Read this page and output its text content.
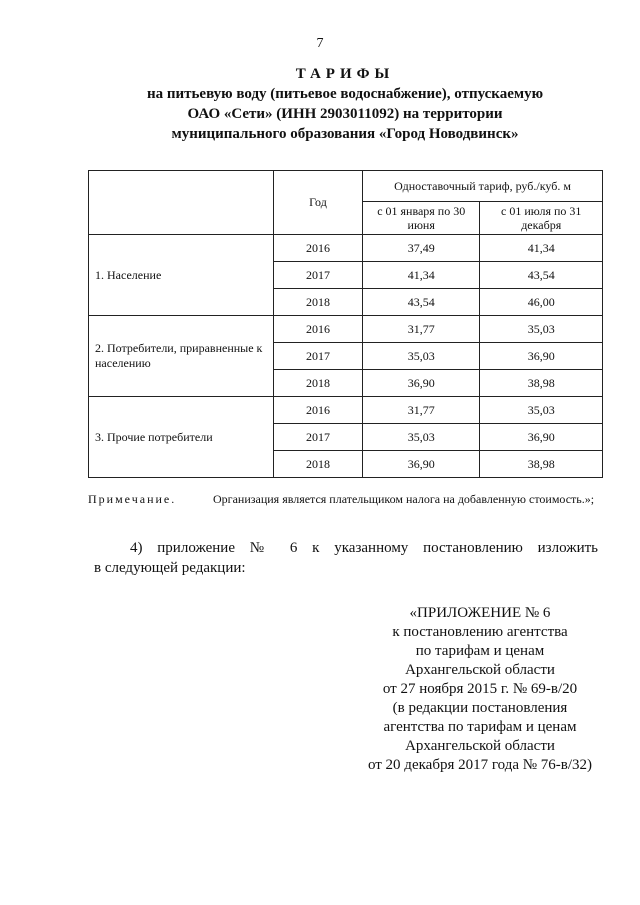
7
ТАРИФЫ
на питьевую воду (питьевое водоснабжение), отпускаемую
ОАО «Сети» (ИНН 2903011092) на территории
муниципального образования «Город Новодвинск»
	Год	Одноставочный тариф, руб./куб. м	
		с 01 января по 30 июня	с 01 июля по 31 декабря
1. Население	2016	37,49	41,34
	2017	41,34	43,54
	2018	43,54	46,00
2. Потребители, приравненные к населению	2016	31,77	35,03
	2017	35,03	36,90
	2018	36,90	38,98
3. Прочие потребители	2016	31,77	35,03
	2017	35,03	36,90
	2018	36,90	38,98
Примечание.	Организация является плательщиком налога на добавленную стоимость.»;
4) приложение № 6 к указанному постановлению изложить
в следующей редакции:
«ПРИЛОЖЕНИЕ № 6
к постановлению агентства
по тарифам и ценам
Архангельской области
от 27 ноября 2015 г. № 69-в/20
(в редакции постановления
агентства по тарифам и ценам
Архангельской области
от 20 декабря 2017 года № 76-в/32)
